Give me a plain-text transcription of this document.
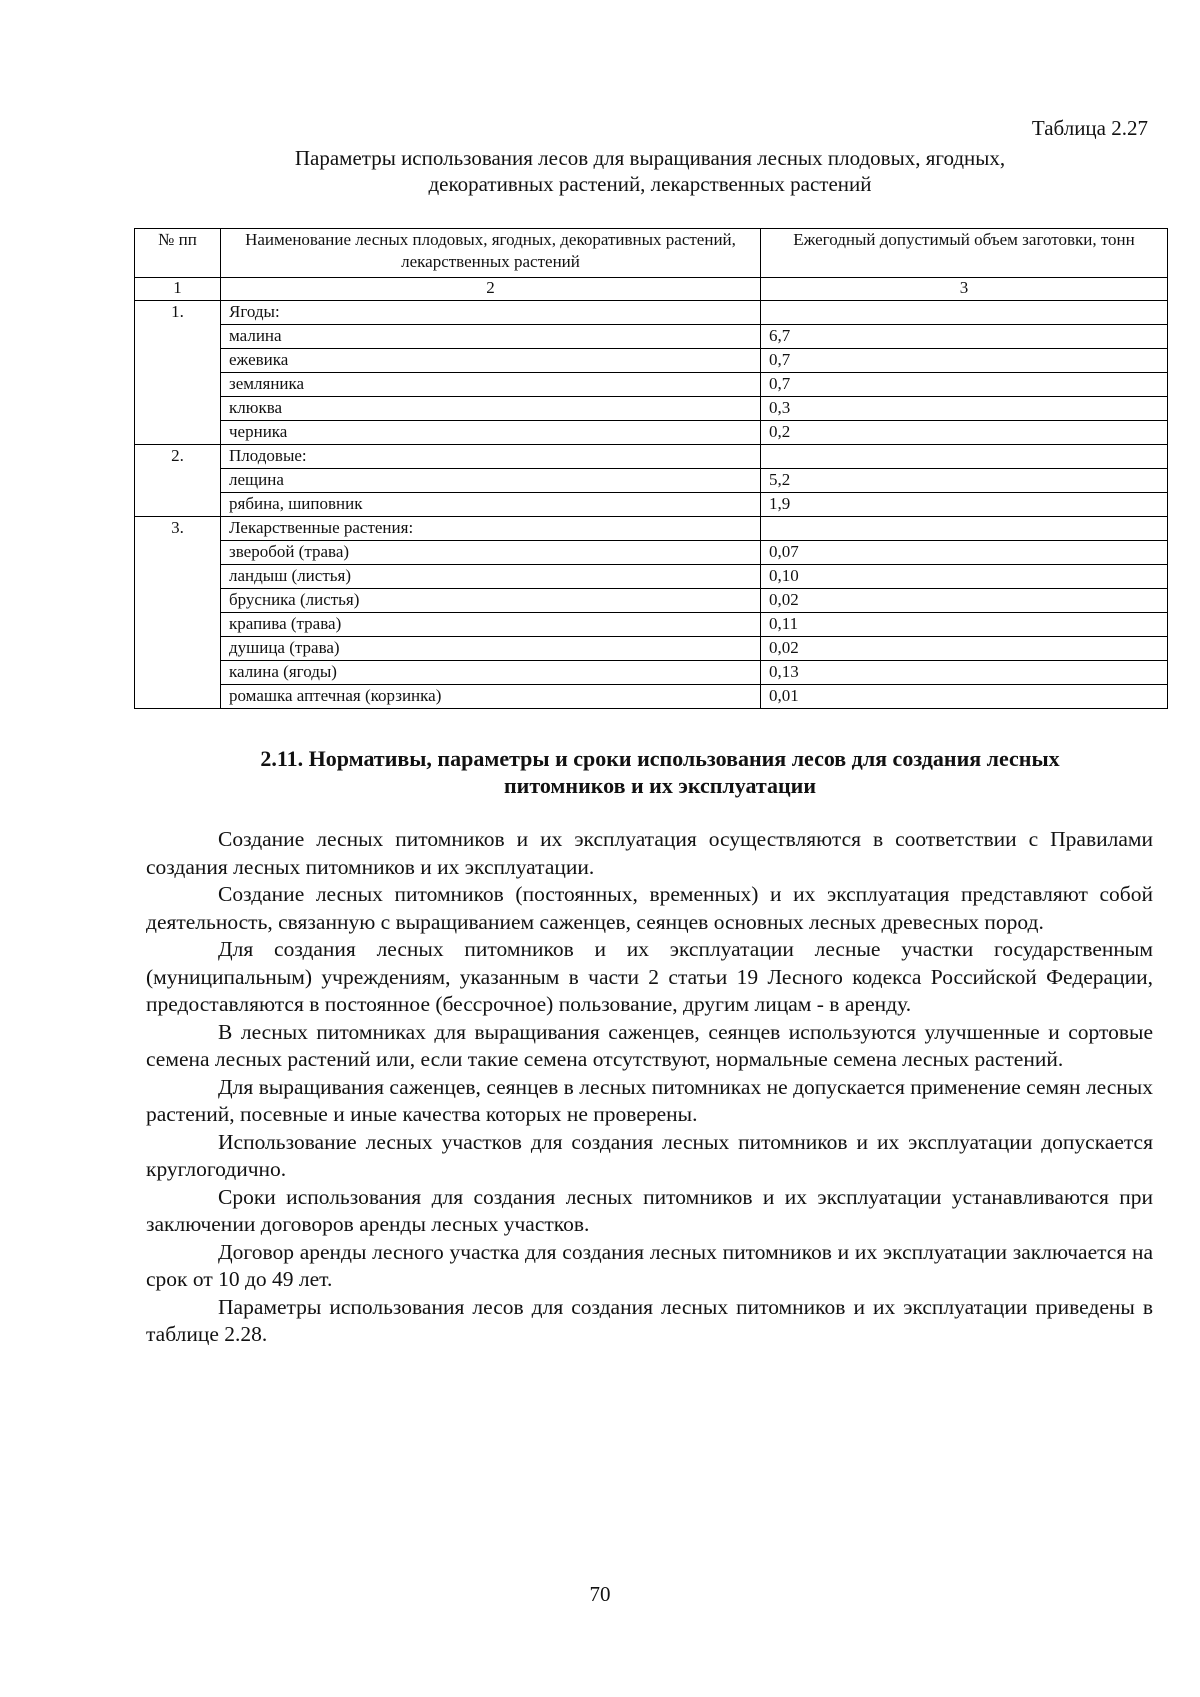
Таблица 2.27
Параметры использования лесов для выращивания лесных плодовых, ягодных,
декоративных растений, лекарственных растений
№ пп	Наименование лесных плодовых, ягодных, декоративных растений, лекарственных растений	Ежегодный допустимый объем заготовки, тонн
1	2	3
1.	Ягоды:	
	малина	6,7
	ежевика	0,7
	земляника	0,7
	клюква	0,3
	черника	0,2
2.	Плодовые:	
	лещина	5,2
	рябина, шиповник	1,9
3.	Лекарственные растения:	
	зверобой (трава)	0,07
	ландыш (листья)	0,10
	брусника (листья)	0,02
	крапива (трава)	0,11
	душица (трава)	0,02
	калина (ягоды)	0,13
	ромашка аптечная (корзинка)	0,01
2.11. Нормативы, параметры и сроки использования лесов для создания лесных
питомников и их эксплуатации

Создание лесных питомников и их эксплуатация осуществляются в соответствии с Правилами создания лесных питомников и их эксплуатации.

Создание лесных питомников (постоянных, временных) и их эксплуатация представляют собой деятельность, связанную с выращиванием саженцев, сеянцев основных лесных древесных пород.

Для создания лесных питомников и их эксплуатации лесные участки государственным (муниципальным) учреждениям, указанным в части 2 статьи 19 Лесного кодекса Российской Федерации, предоставляются в постоянное (бессрочное) пользование, другим лицам - в аренду.

В лесных питомниках для выращивания саженцев, сеянцев используются улучшенные и сортовые семена лесных растений или, если такие семена отсутствуют, нормальные семена лесных растений.

Для выращивания саженцев, сеянцев в лесных питомниках не допускается применение семян лесных растений, посевные и иные качества которых не проверены.

Использование лесных участков для создания лесных питомников и их эксплуатации допускается круглогодично.

Сроки использования для создания лесных питомников и их эксплуатации устанавливаются при заключении договоров аренды лесных участков.

Договор аренды лесного участка для создания лесных питомников и их эксплуатации заключается на срок от 10 до 49 лет.

Параметры использования лесов для создания лесных питомников и их эксплуатации приведены в таблице 2.28.

70
